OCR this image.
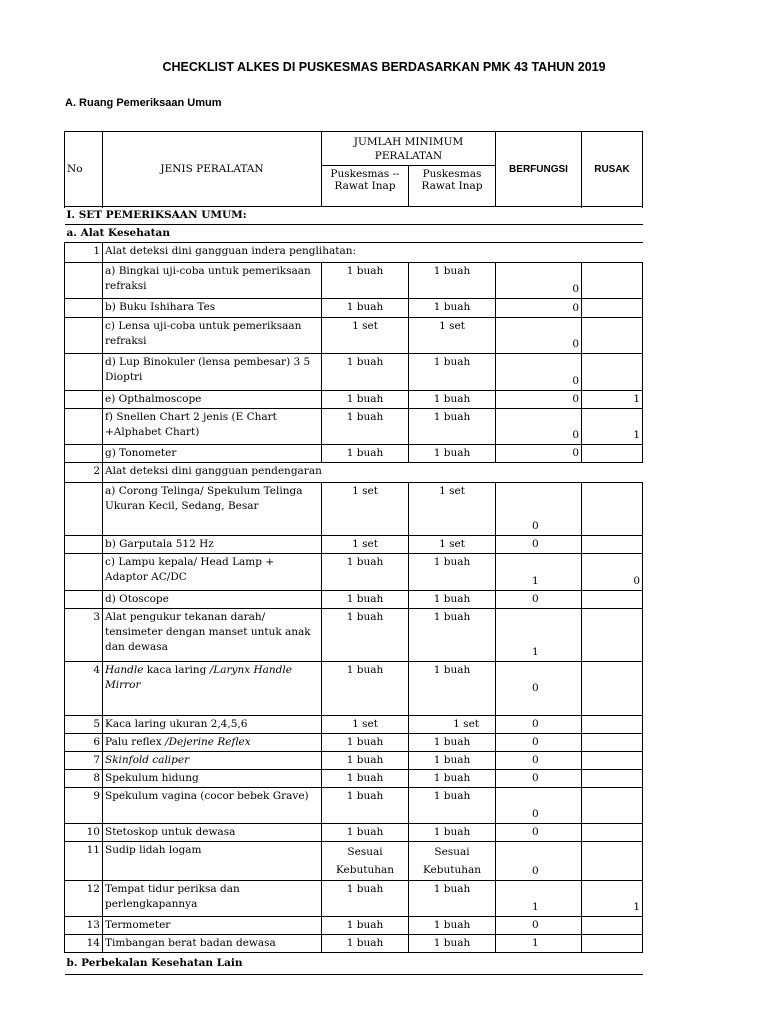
CHECKLIST ALKES DI PUSKESMAS BERDASARKAN PMK 43 TAHUN 2019
A. Ruang Pemeriksaan Umum
No	JENIS PERALATAN	JUMLAH MINIMUM PERALATAN		BERFUNGSI	RUSAK
		Puskesmas -- Rawat Inap	Puskesmas Rawat Inap		

I. SET PEMERIKSAAN UMUM:					
a. Alat Kesehatan					
1	Alat deteksi dini gangguan indera penglihatan:				
	a) Bingkai uji-coba untuk pemeriksaan refraksi	1 buah	1 buah	0	
	b) Buku Ishihara Tes	1 buah	1 buah	0	
	c) Lensa uji-coba untuk pemeriksaan refraksi	1 set	1 set	0	
	d) Lup Binokuler (lensa pembesar) 3 5 Dioptri	1 buah	1 buah	0	
	e) Opthalmoscope	1 buah	1 buah	0	1
	f) Snellen Chart 2 jenis (E Chart +Alphabet Chart)	1 buah	1 buah	0	1
	g) Tonometer	1 buah	1 buah	0	
2	Alat deteksi dini gangguan pendengaran				
	a) Corong Telinga/ Spekulum Telinga Ukuran Kecil, Sedang, Besar	1 set	1 set	0	
	b) Garputala 512 Hz	1 set	1 set	0	
	c) Lampu kepala/ Head Lamp + Adaptor AC/DC	1 buah	1 buah	1	0
	d) Otoscope	1 buah	1 buah	0	
3	Alat pengukur tekanan darah/ tensimeter dengan manset untuk anak dan dewasa	1 buah	1 buah	1	
4	Handle kaca laring /Larynx Handle Mirror	1 buah	1 buah	0	
5	Kaca laring ukuran 2,4,5,6	1 set	1 set	0	
6	Palu reflex /Dejerine Reflex	1 buah	1 buah	0	
7	Skinfold caliper	1 buah	1 buah	0	
8	Spekulum hidung	1 buah	1 buah	0	
9	Spekulum vagina (cocor bebek Grave)	1 buah	1 buah	0	
10	Stetoskop untuk dewasa	1 buah	1 buah	0	
11	Sudip lidah logam	Sesuai Kebutuhan	Sesuai Kebutuhan	0	
12	Tempat tidur periksa dan perlengkapannya	1 buah	1 buah	1	1
13	Termometer	1 buah	1 buah	0	
14	Timbangan berat badan dewasa	1 buah	1 buah	1	
b. Perbekalan Kesehatan Lain					
